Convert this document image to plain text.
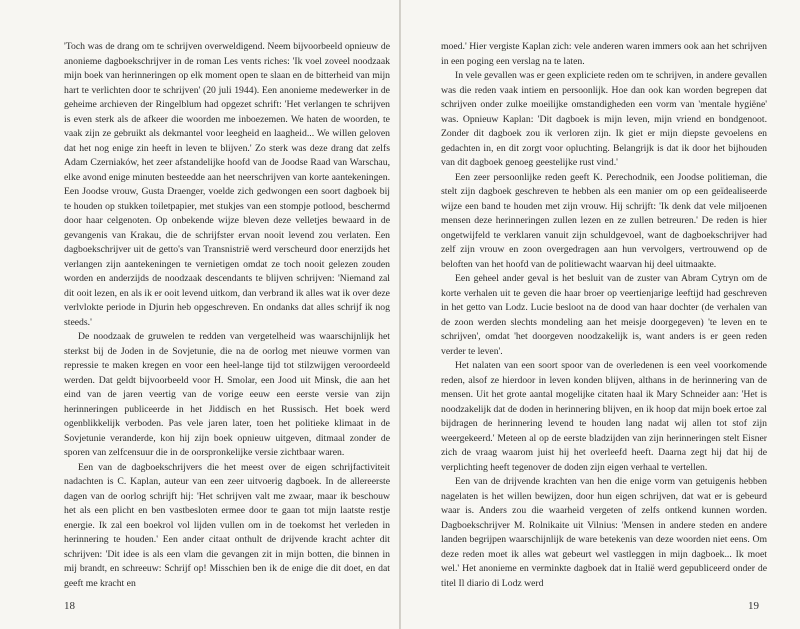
'Toch was de drang om te schrijven overweldigend. Neem bijvoorbeeld opnieuw de anonieme dagboekschrijver in de roman Les vents riches: 'Ik voel zoveel noodzaak mijn boek van herinneringen op elk moment open te slaan en de bitterheid van mijn hart te verlichten door te schrijven' (20 juli 1944). Een anonieme medewerker in de geheime archieven der Ringelblum had opgezet schrift: 'Het verlangen te schrijven is even sterk als de afkeer die woorden me inboezemen. We haten de woorden, te vaak zijn ze gebruikt als dekmantel voor leegheid en laagheid... We willen geloven dat het nog enige zin heeft in leven te blijven.' Zo sterk was deze drang dat zelfs Adam Czerniaków, het zeer afstandelijke hoofd van de Joodse Raad van Warschau, elke avond enige minuten besteedde aan het neerschrijven van korte aantekeningen. Een Joodse vrouw, Gusta Draenger, voelde zich gedwongen een soort dagboek bij te houden op stukken toiletpapier, met stukjes van een stompje potlood, beschermd door haar celgenoten. Op onbekende wijze bleven deze velletjes bewaard in de gevangenis van Krakau, die de schrijfster ervan nooit levend zou verlaten. Een dagboekschrijver uit de getto's van Transnistrië werd verscheurd door enerzijds het verlangen zijn aantekeningen te vernietigen omdat ze toch nooit gelezen zouden worden en anderzijds de noodzaak descendants te blijven schrijven: 'Niemand zal dit ooit lezen, en als ik er ooit levend uitkom, dan verbrand ik alles wat ik over deze verlvlokte periode in Djurin heb opgeschreven. En ondanks dat alles schrijf ik nog steeds.'

De noodzaak de gruwelen te redden van vergetelheid was waarschijnlijk het sterkst bij de Joden in de Sovjetunie, die na de oorlog met nieuwe vormen van repressie te maken kregen en voor een heel-lange tijd tot stilzwijgen veroordeeld werden. Dat geldt bijvoorbeeld voor H. Smolar, een Jood uit Minsk, die aan het eind van de jaren veertig van de vorige eeuw een eerste versie van zijn herinneringen publiceerde in het Jiddisch en het Russisch. Het boek werd ogenblikkelijk verboden. Pas vele jaren later, toen het politieke klimaat in de Sovjetunie veranderde, kon hij zijn boek opnieuw uitgeven, ditmaal zonder de sporen van zelfcensuur die in de oorspronkelijke versie zichtbaar waren.

Een van de dagboekschrijvers die het meest over de eigen schrijfactiviteit nadachten is C. Kaplan, auteur van een zeer uitvoerig dagboek. In de allereerste dagen van de oorlog schrijft hij: 'Het schrijven valt me zwaar, maar ik beschouw het als een plicht en ben vastbesloten ermee door te gaan tot mijn laatste restje energie. Ik zal een boekrol vol lijden vullen om in de toekomst het verleden in herinnering te houden.' Een ander citaat onthult de drijvende kracht achter dit schrijven: 'Dit idee is als een vlam die gevangen zit in mijn botten, die binnen in mij brandt, en schreeuw: Schrijf op! Misschien ben ik de enige die dit doet, en dat geeft me kracht en

moed.' Hier vergiste Kaplan zich: vele anderen waren immers ook aan het schrijven in een poging een verslag na te laten.

In vele gevallen was er geen expliciete reden om te schrijven, in andere gevallen was die reden vaak intiem en persoonlijk. Hoe dan ook kan worden begrepen dat schrijven onder zulke moeilijke omstandigheden een vorm van 'mentale hygiëne' was. Opnieuw Kaplan: 'Dit dagboek is mijn leven, mijn vriend en bondgenoot. Zonder dit dagboek zou ik verloren zijn. Ik giet er mijn diepste gevoelens en gedachten in, en dit zorgt voor opluchting. Belangrijk is dat ik door het bijhouden van dit dagboek genoeg geestelijke rust vind.'

Een zeer persoonlijke reden geeft K. Perechodnik, een Joodse politieman, die stelt zijn dagboek geschreven te hebben als een manier om op een geïdealiseerde wijze een band te houden met zijn vrouw. Hij schrijft: 'Ik denk dat vele miljoenen mensen deze herinneringen zullen lezen en ze zullen betreuren.' De reden is hier ongetwijfeld te verklaren vanuit zijn schuldgevoel, want de dagboekschrijver had zelf zijn vrouw en zoon overgedragen aan hun vervolgers, vertrouwend op de beloften van het hoofd van de politiewacht waarvan hij deel uitmaakte.

Een geheel ander geval is het besluit van de zuster van Abram Cytryn om de korte verhalen uit te geven die haar broer op veertienjarige leeftijd had geschreven in het getto van Lodz. Lucie besloot na de dood van haar dochter (de verhalen van de zoon werden slechts mondeling aan het meisje doorgegeven) 'te leven en te schrijven', omdat 'het doorgeven noodzakelijk is, want anders is er geen reden verder te leven'.

Het nalaten van een soort spoor van de overledenen is een veel voorkomende reden, alsof ze hierdoor in leven konden blijven, althans in de herinnering van de mensen. Uit het grote aantal mogelijke citaten haal ik Mary Schneider aan: 'Het is noodzakelijk dat de doden in herinnering blijven, en ik hoop dat mijn boek ertoe zal bijdragen de herinnering levend te houden lang nadat wij allen tot stof zijn weergekeerd.' Meteen al op de eerste bladzijden van zijn herinneringen stelt Eisner zich de vraag waarom juist hij het overleefd heeft. Daarna zegt hij dat hij de verplichting heeft tegenover de doden zijn eigen verhaal te vertellen.

Een van de drijvende krachten van hen die enige vorm van getuigenis hebben nagelaten is het willen bewijzen, door hun eigen schrijven, dat wat er is gebeurd waar is. Anders zou die waarheid vergeten of zelfs ontkend kunnen worden. Dagboekschrijver M. Rolnikaite uit Vilnius: 'Mensen in andere steden en andere landen begrijpen waarschijnlijk de ware betekenis van deze woorden niet eens. Om deze reden moet ik alles wat gebeurt wel vastleggen in mijn dagboek... Ik moet wel.' Het anonieme en verminkte dagboek dat in Italië werd gepubliceerd onder de titel Il diario di Lodz werd

18	19
